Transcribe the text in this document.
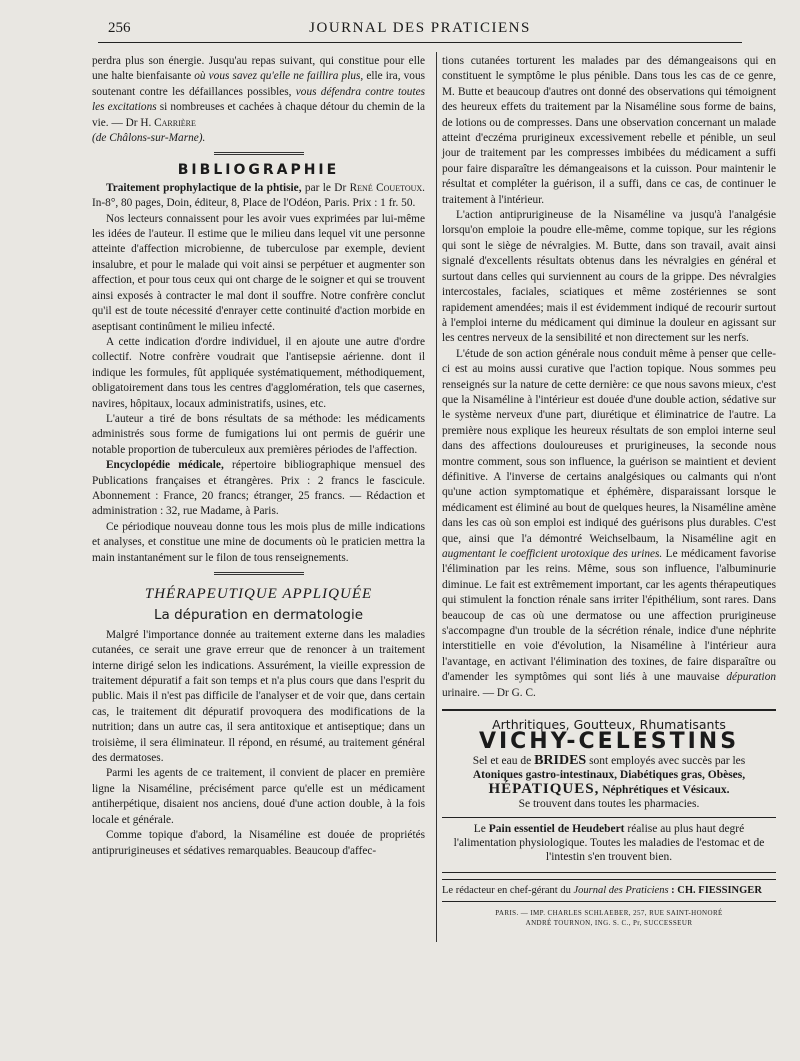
256	JOURNAL DES PRATICIENS

perdra plus son énergie. Jusqu'au repas suivant, qui constitue pour elle une halte bienfaisante où vous savez qu'elle ne faillira plus, elle ira, vous soutenant contre les défaillances possibles, vous défendra contre toutes les excitations si nombreuses et cachées à chaque détour du chemin de la vie. — Dr H. Carrière
(de Châlons-sur-Marne).

BIBLIOGRAPHIE

Traitement prophylactique de la phtisie, par le Dr René Couetoux. In-8°, 80 pages, Doin, éditeur, 8, Place de l'Odéon, Paris. Prix : 1 fr. 50.

Nos lecteurs connaissent pour les avoir vues exprimées par lui-même les idées de l'auteur. Il estime que le milieu dans lequel vit une personne atteinte d'affection microbienne, de tuberculose par exemple, devient insalubre, et pour le malade qui voit ainsi se perpétuer et augmenter son affection, et pour tous ceux qui ont charge de le soigner et qui se trouvent ainsi exposés à contracter le mal dont il souffre. Notre confrère conclut qu'il est de toute nécessité d'enrayer cette continuité d'action morbide en aseptisant continûment le milieu infecté.

A cette indication d'ordre individuel, il en ajoute une autre d'ordre collectif. Notre confrère voudrait que l'antisepsie aérienne. dont il indique les formules, fût appliquée systématiquement, méthodiquement, obligatoirement dans tous les centres d'agglomération, tels que casernes, navires, hôpitaux, locaux administratifs, usines, etc.

L'auteur a tiré de bons résultats de sa méthode: les médicaments administrés sous forme de fumigations lui ont permis de guérir une notable proportion de tuberculeux aux premières périodes de l'affection.

Encyclopédie médicale, répertoire bibliographique mensuel des Publications françaises et étrangères. Prix : 2 francs le fascicule. Abonnement : France, 20 francs; étranger, 25 francs. — Rédaction et administration : 32, rue Madame, à Paris.

Ce périodique nouveau donne tous les mois plus de mille indications et analyses, et constitue une mine de documents où le praticien mettra la main instantanément sur le filon de tous renseignements.

THÉRAPEUTIQUE APPLIQUÉE
La dépuration en dermatologie

Malgré l'importance donnée au traitement externe dans les maladies cutanées, ce serait une grave erreur que de renoncer à un traitement interne dirigé selon les indications. Assurément, la vieille expression de traitement dépuratif a fait son temps et n'a plus cours que dans l'esprit du public. Mais il n'est pas difficile de l'analyser et de voir que, dans certain cas, le traitement dit dépuratif provoquera des modifications de la nutrition; dans un autre cas, il sera antitoxique et antiseptique; dans un troisième, il sera éliminateur. Il répond, en résumé, au traitement général des dermatoses.

Parmi les agents de ce traitement, il convient de placer en première ligne la Nisaméline, précisément parce qu'elle est un médicament antiherpétique, disaient nos anciens, doué d'une action double, à la fois locale et générale.

Comme topique d'abord, la Nisaméline est douée de propriétés antiprurigineuses et sédatives remarquables. Beaucoup d'affec-

tions cutanées torturent les malades par des démangeaisons qui en constituent le symptôme le plus pénible. Dans tous les cas de ce genre, M. Butte et beaucoup d'autres ont donné des observations qui témoignent des heureux effets du traitement par la Nisaméline sous forme de bains, de lotions ou de compresses. Dans une observation concernant un malade atteint d'eczéma prurigineux excessivement rebelle et pénible, un seul jour de traitement par les compresses imbibées du médicament a suffi pour faire disparaître les démangeaisons et la cuisson. Pour maintenir le résultat et compléter la guérison, il a suffi, dans ce cas, de continuer le traitement à l'intérieur.

L'action antiprurigineuse de la Nisaméline va jusqu'à l'analgésie lorsqu'on emploie la poudre elle-même, comme topique, sur les régions qui sont le siège de névralgies. M. Butte, dans son travail, avait ainsi signalé d'excellents résultats obtenus dans les névralgies en général et surtout dans celles qui surviennent au cours de la grippe. Des névralgies intercostales, faciales, sciatiques et même zostériennes se sont rapidement amendées; mais il est évidemment indiqué de recourir surtout à l'emploi interne du médicament qui diminue la douleur en agissant sur les centres nerveux de la sensibilité et non directement sur les nerfs.

L'étude de son action générale nous conduit même à penser que celle-ci est au moins aussi curative que l'action topique. Nous sommes peu renseignés sur la nature de cette dernière: ce que nous savons mieux, c'est que la Nisaméline à l'intérieur est douée d'une double action, sédative sur le système nerveux d'une part, diurétique et éliminatrice de l'autre. La première nous explique les heureux résultats de son emploi interne seul dans des affections douloureuses et prurigineuses, la seconde nous montre comment, sous son influence, la guérison se maintient et devient définitive. A l'inverse de certains analgésiques ou calmants qui n'ont qu'une action symptomatique et éphémère, disparaissant lorsque le médicament est éliminé au bout de quelques heures, la Nisaméline amène dans les cas où son emploi est indiqué des guérisons plus durables. C'est que, ainsi que l'a démontré Weichselbaum, la Nisaméline agit en augmentant le coefficient urotoxique des urines. Le médicament favorise l'élimination par les reins. Même, sous son influence, l'albuminurie diminue. Le fait est extrêmement important, car les agents thérapeutiques qui stimulent la fonction rénale sans irriter l'épithélium, sont rares. Dans beaucoup de cas où une dermatose ou une affection prurigineuse s'accompagne d'un trouble de la sécrétion rénale, indice d'une néphrite interstitielle en voie d'évolution, la Nisaméline à l'intérieur aura l'avantage, en activant l'élimination des toxines, de faire disparaître ou d'amender les symptômes qui sont liés à une mauvaise dépuration urinaire. — Dr G. C.

Arthritiques, Goutteux, Rhumatisants
VICHY-CELESTINS
Sel et eau de BRIDES sont employés avec succès par les
Atoniques gastro-intestinaux, Diabétiques gras, Obèses,
HÉPATIQUES, Néphrétiques et Vésicaux.
Se trouvent dans toutes les pharmacies.
Le Pain essentiel de Heudebert réalise au plus haut degré l'alimentation physiologique. Toutes les maladies de l'estomac et de l'intestin s'en trouvent bien.
Le rédacteur en chef-gérant du Journal des Praticiens : CH. FIESSINGER
PARIS. — IMP. CHARLES SCHLAEBER, 257, RUE SAINT-HONORÉ
ANDRÉ TOURNON, ING. S. C., Pr, SUCCESSEUR
